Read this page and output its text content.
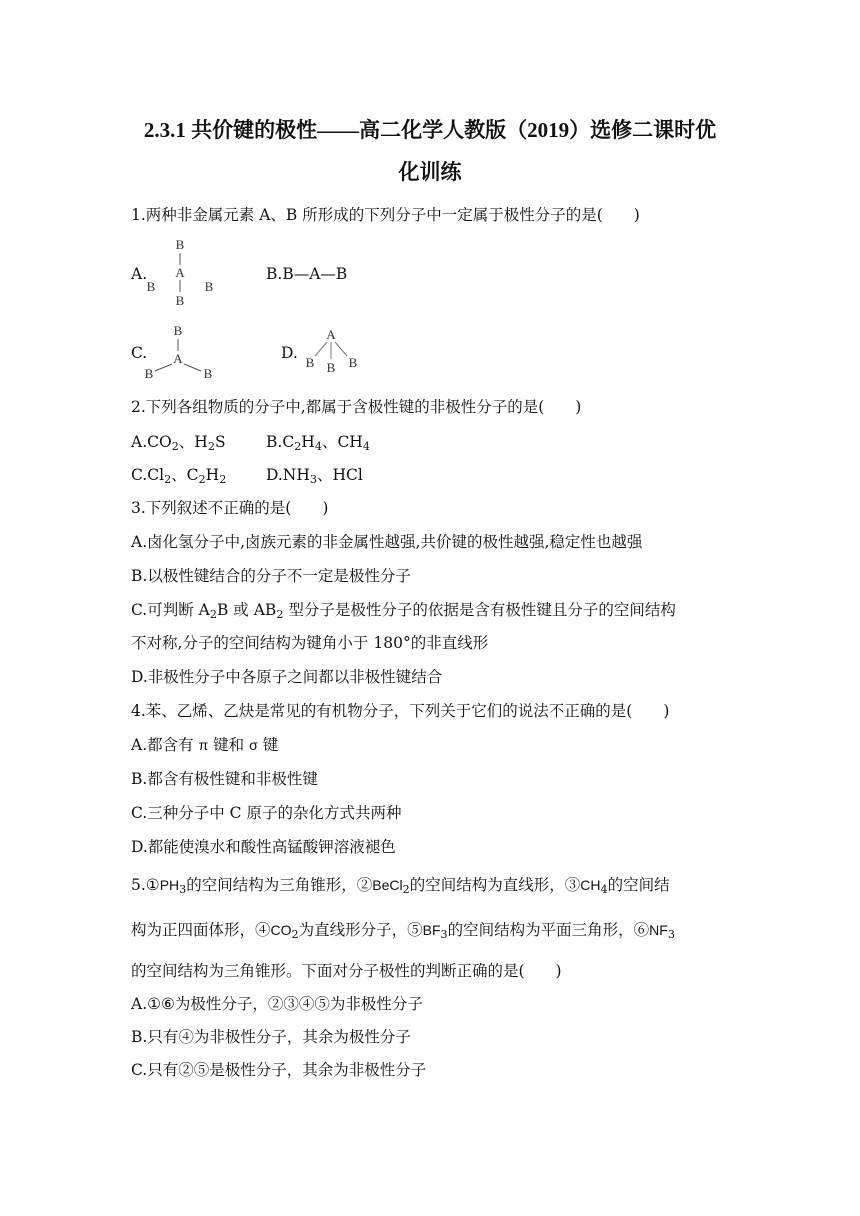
2.3.1 共价键的极性——高二化学人教版（2019）选修二课时优
化训练
1.两种非金属元素 A、B 所形成的下列分子中一定属于极性分子的是(　　)
A.
B
A
B
B	B
B.B—A—B
C.
B
A
B	B
D.
A
B B B
2.下列各组物质的分子中,都属于含极性键的非极性分子的是(　　)
$A.CO_2$、$H_2S$	$B.C_2H_4$、$CH_4$
$C.Cl_2$、$C_2H_2$	$D.NH_3$、HCl
3.下列叙述不正确的是(　　)
A.卤化氢分子中,卤族元素的非金属性越强,共价键的极性越强,稳定性也越强
B.以极性键结合的分子不一定是极性分子
C.可判断 $A_2B$ 或 $AB_2$ 型分子是极性分子的依据是含有极性键且分子的空间结构
不对称,分子的空间结构为键角小于 180°的非直线形
D.非极性分子中各原子之间都以非极性键结合
4.苯、乙烯、乙炔是常见的有机物分子，下列关于它们的说法不正确的是(　　)
A.都含有 π 键和 σ 键
B.都含有极性键和非极性键
C.三种分子中 C 原子的杂化方式共两种
D.都能使溴水和酸性高锰酸钾溶液褪色
$5.①PH_3$的空间结构为三角锥形，②BeCl$_2$的空间结构为直线形，$③CH_4$的空间结
构为正四面体形，$④CO_2$为直线形分子，$⑤BF_3$的空间结构为平面三角形，$⑥NF_3$
的空间结构为三角锥形。下面对分子极性的判断正确的是(　　)
A.①⑥为极性分子，②③④⑤为非极性分子
B.只有④为非极性分子，其余为极性分子
C.只有②⑤是极性分子，其余为非极性分子
